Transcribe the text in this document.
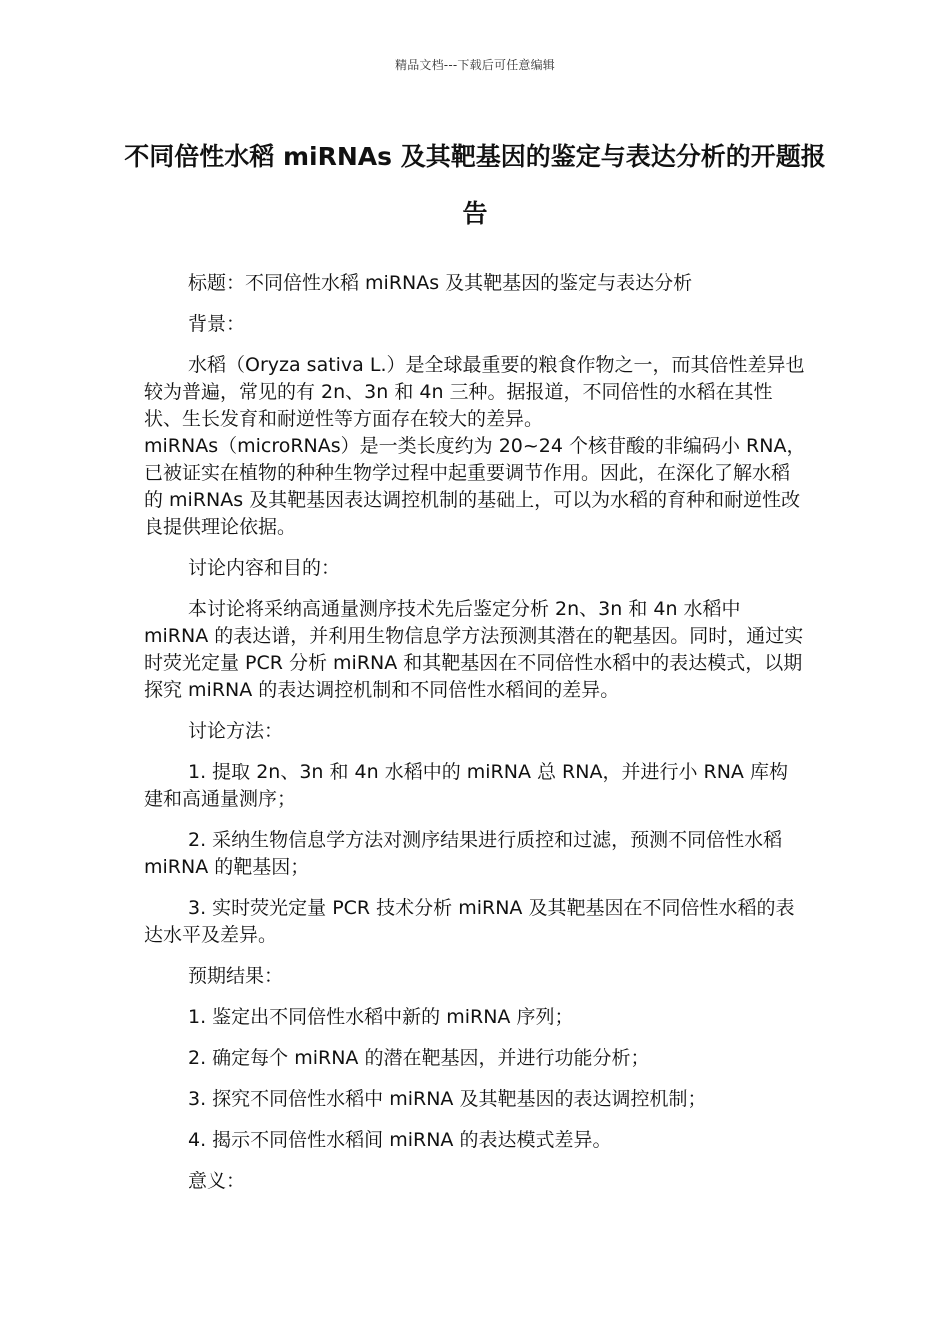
精品文档---下载后可任意编辑
不同倍性水稻 miRNAs 及其靶基因的鉴定与表达分析的开题报告

标题：不同倍性水稻 miRNAs 及其靶基因的鉴定与表达分析

背景：

水稻（Oryza sativa L.）是全球最重要的粮食作物之一，而其倍性差异也较为普遍，常见的有 2n、3n 和 4n 三种。据报道，不同倍性的水稻在其性状、生长发育和耐逆性等方面存在较大的差异。

miRNAs（microRNAs）是一类长度约为 20~24 个核苷酸的非编码小 RNA，已被证实在植物的种种生物学过程中起重要调节作用。因此，在深化了解水稻的 miRNAs 及其靶基因表达调控机制的基础上，可以为水稻的育种和耐逆性改良提供理论依据。

讨论内容和目的：

本讨论将采纳高通量测序技术先后鉴定分析 2n、3n 和 4n 水稻中 miRNA 的表达谱，并利用生物信息学方法预测其潜在的靶基因。同时，通过实时荧光定量 PCR 分析 miRNA 和其靶基因在不同倍性水稻中的表达模式，以期探究 miRNA 的表达调控机制和不同倍性水稻间的差异。

讨论方法：

1. 提取 2n、3n 和 4n 水稻中的 miRNA 总 RNA，并进行小 RNA 库构建和高通量测序；

2. 采纳生物信息学方法对测序结果进行质控和过滤，预测不同倍性水稻 miRNA 的靶基因；

3. 实时荧光定量 PCR 技术分析 miRNA 及其靶基因在不同倍性水稻的表达水平及差异。

预期结果：

1. 鉴定出不同倍性水稻中新的 miRNA 序列；

2. 确定每个 miRNA 的潜在靶基因，并进行功能分析；

3. 探究不同倍性水稻中 miRNA 及其靶基因的表达调控机制；

4. 揭示不同倍性水稻间 miRNA 的表达模式差异。

意义：
